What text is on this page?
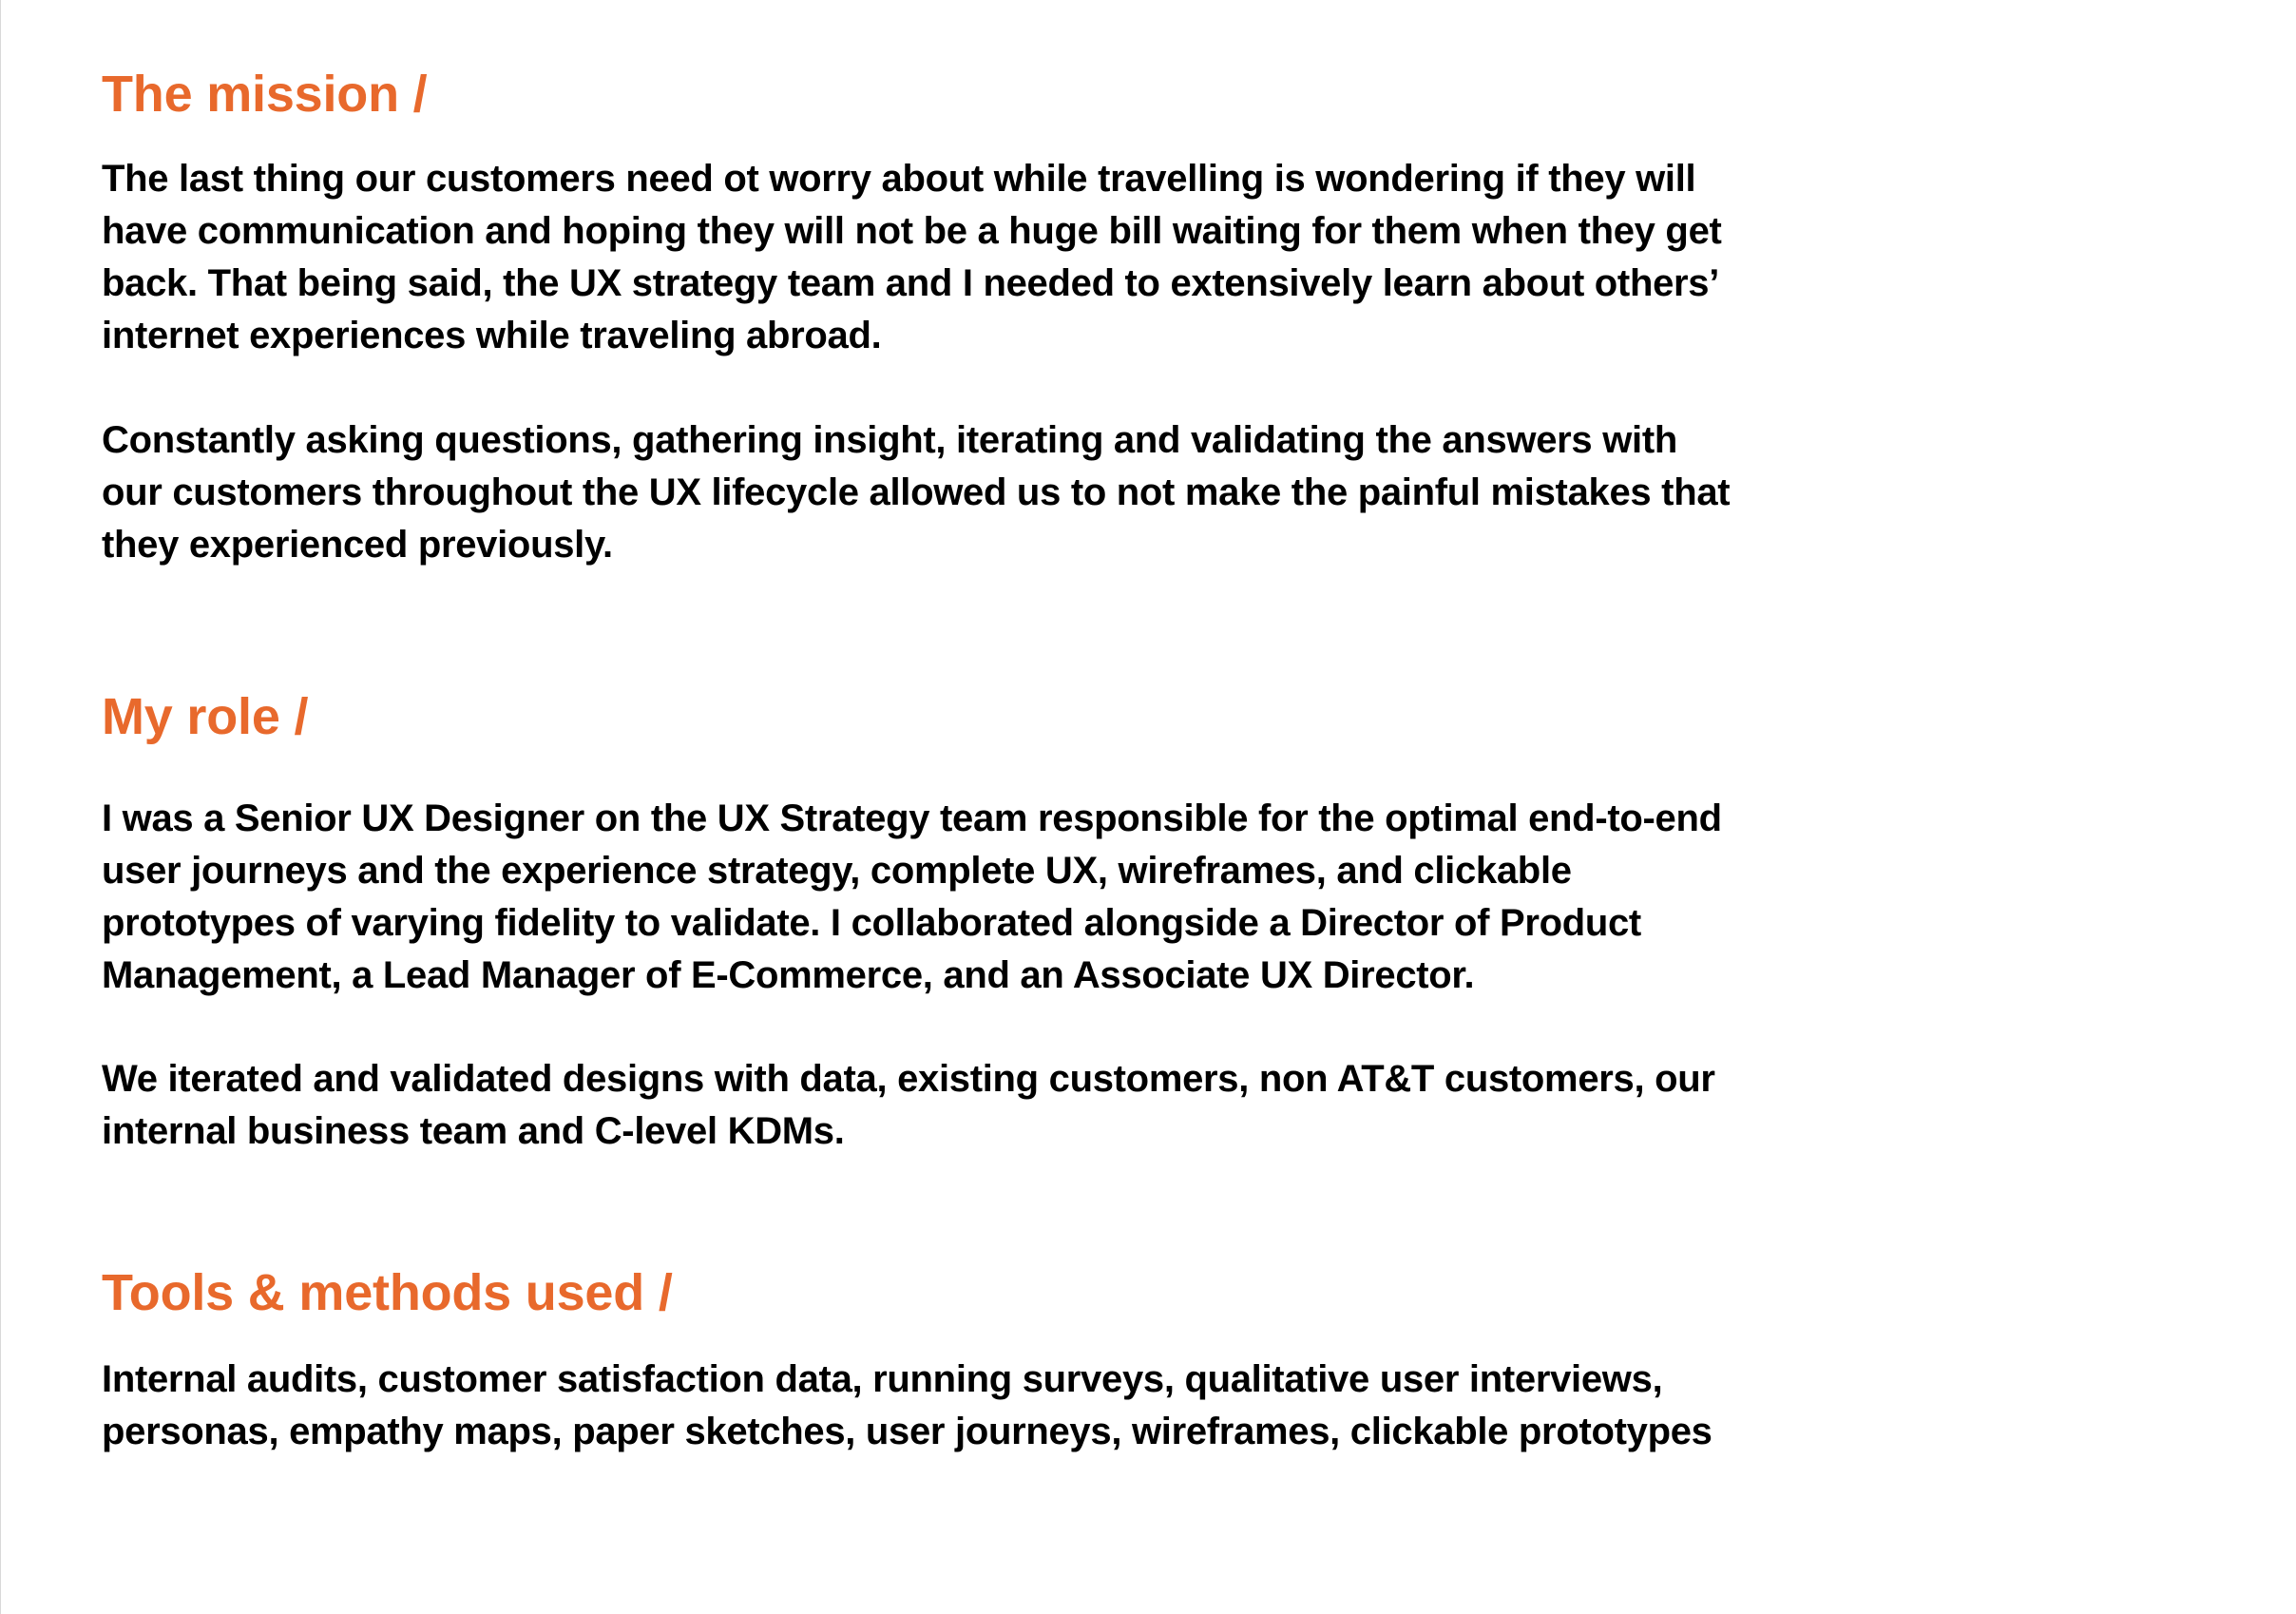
The mission /

The last thing our customers need ot worry about while travelling is wondering if they will
have communication and hoping they will not be a huge bill waiting for them when they get
back. That being said, the UX strategy team and I needed to extensively learn about others’
internet experiences while traveling abroad.

Constantly asking questions, gathering insight, iterating and validating the answers with
our customers throughout the UX lifecycle allowed us to not make the painful mistakes that
they experienced previously.

My role /

I was a Senior UX Designer on the UX Strategy team responsible for the optimal end-to-end
user journeys and the experience strategy, complete UX, wireframes, and clickable
prototypes of varying fidelity to validate. I collaborated alongside a Director of Product
Management, a Lead Manager of E-Commerce, and an Associate UX Director.

We iterated and validated designs with data, existing customers, non AT&T customers, our
internal business team and C-level KDMs.

Tools & methods used /

Internal audits, customer satisfaction data, running surveys, qualitative user interviews,
personas, empathy maps, paper sketches, user journeys, wireframes, clickable prototypes
